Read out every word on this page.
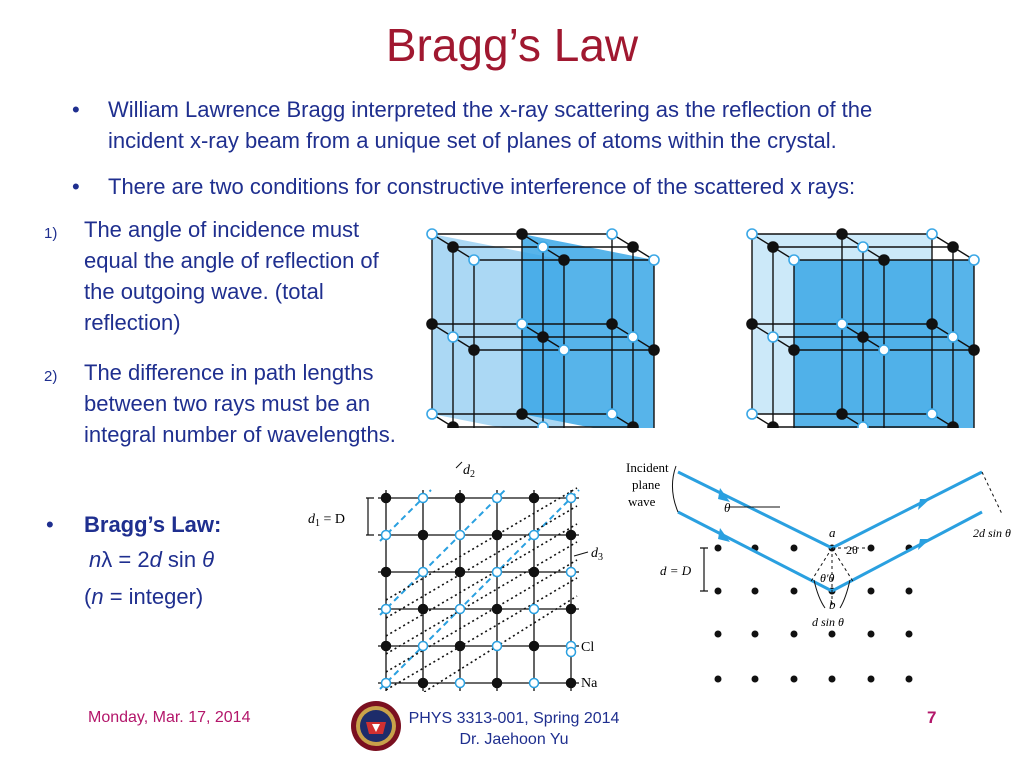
Bragg’s Law
• William Lawrence Bragg interpreted the x-ray scattering as the reflection of the incident x-ray beam from a unique set of planes of atoms within the crystal.
• There are two conditions for constructive interference of the scattered x rays:
1) The angle of incidence must equal the angle of reflection of the outgoing wave. (total reflection)
2) The difference in path lengths between two rays must be an integral number of wavelengths.
• Bragg’s Law:
nλ = 2d sin θ
(n = integer)
$d_2$
$d_3$
$d_1 = D$
Cl
Na
Incident
plane
wave	θ
a
2θ
θ′θ
b
d = D
d sin θ
2d sin θ
Monday, Mar. 17, 2014	PHYS 3313-001, Spring 2014
Dr. Jaehoon Yu
7
